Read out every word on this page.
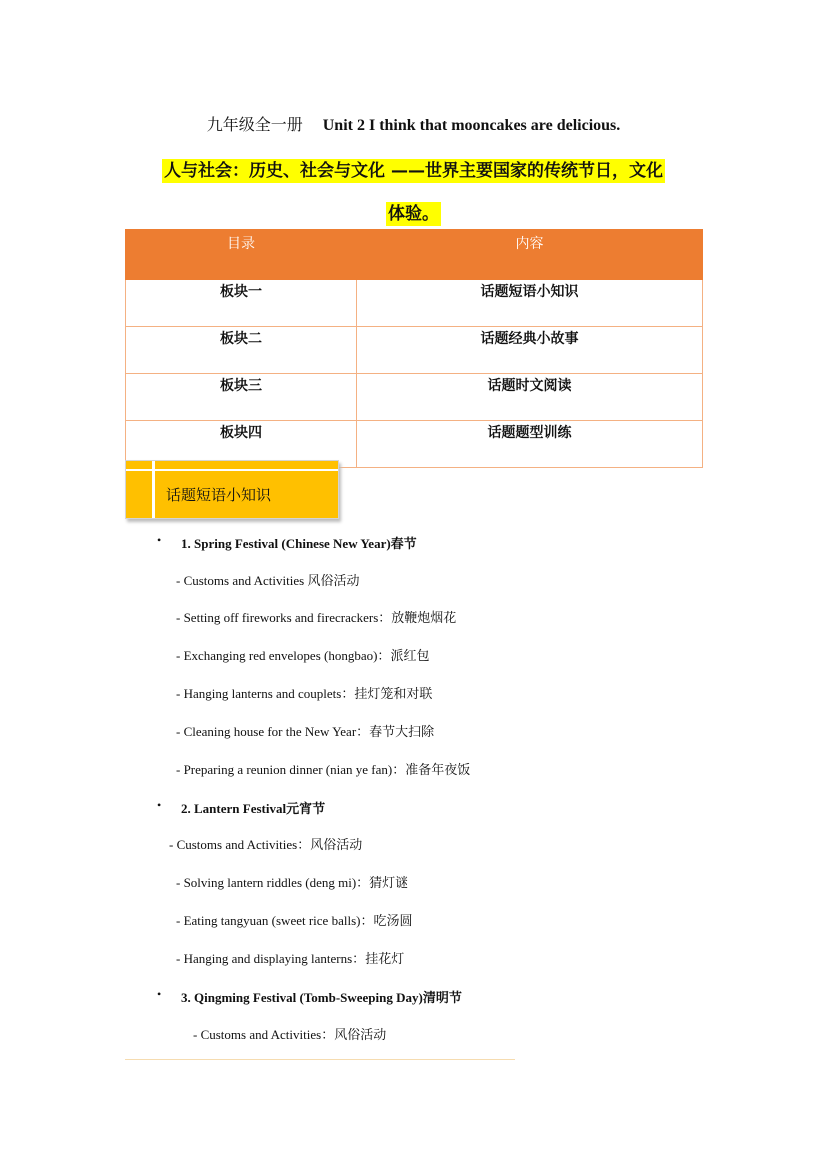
九年级全一册 Unit 2 I think that mooncakes are delicious.
人与社会：历史、社会与文化 ——世界主要国家的传统节日，文化
体验。
目录	内容
板块一	话题短语小知识
板块二	话题经典小故事
板块三	话题时文阅读
板块四	话题题型训练
话题短语小知识
• 1. Spring Festival (Chinese New Year)春节
- Customs and Activities 风俗活动
- Setting off fireworks and firecrackers：放鞭炮烟花
- Exchanging red envelopes (hongbao)：派红包
- Hanging lanterns and couplets：挂灯笼和对联
- Cleaning house for the New Year：春节大扫除
- Preparing a reunion dinner (nian ye fan)：准备年夜饭
• 2. Lantern Festival元宵节
- Customs and Activities：风俗活动
- Solving lantern riddles (deng mi)：猜灯谜
- Eating tangyuan (sweet rice balls)：吃汤圆
- Hanging and displaying lanterns：挂花灯
• 3. Qingming Festival (Tomb-Sweeping Day)清明节
- Customs and Activities：风俗活动
